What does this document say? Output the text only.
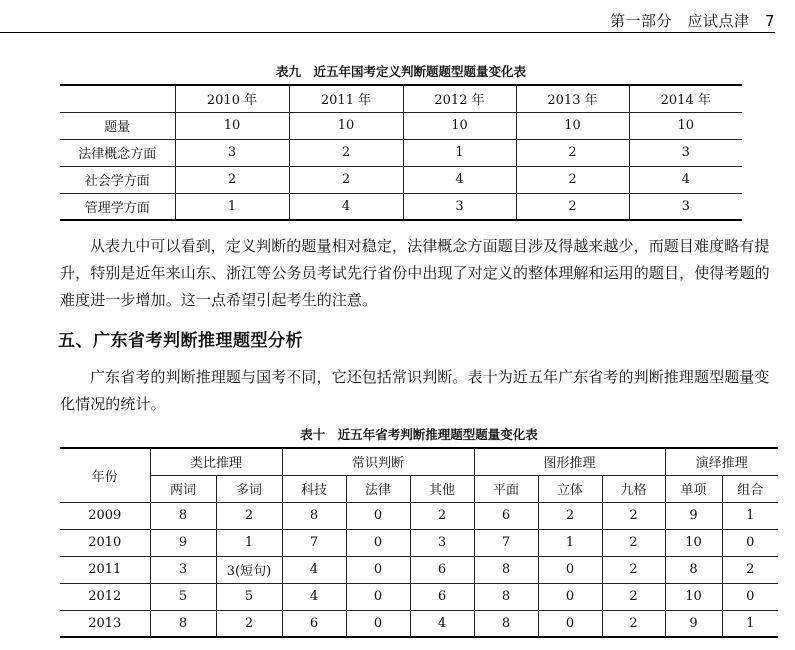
第一部分　应试点津　7
表九　近五年国考定义判断题题型题量变化表
	2010 年	2011 年	2012 年	2013 年	2014 年
题量	10	10	10	10	10
法律概念方面	3	2	1	2	3
社会学方面	2	2	4	2	4
管理学方面	1	4	3	2	3
从表九中可以看到，定义判断的题量相对稳定，法律概念方面题目涉及得越来越少，而题目难度略有提升，特别是近年来山东、浙江等公务员考试先行省份中出现了对定义的整体理解和运用的题目，使得考题的难度进一步增加。这一点希望引起考生的注意。
五、广东省考判断推理题型分析
广东省考的判断推理题与国考不同，它还包括常识判断。表十为近五年广东省考的判断推理题型题量变化情况的统计。
表十　近五年省考判断推理题型题量变化表
年份	类比推理		常识判断			图形推理			演绎推理	
	两词	多词	科技	法律	其他	平面	立体	九格	单项	组合
2009	8	2	8	0	2	6	2	2	9	1
2010	9	1	7	0	3	7	1	2	10	0
2011	3	3(短句)	4	0	6	8	0	2	8	2
2012	5	5	4	0	6	8	0	2	10	0
2013	8	2	6	0	4	8	0	2	9	1
